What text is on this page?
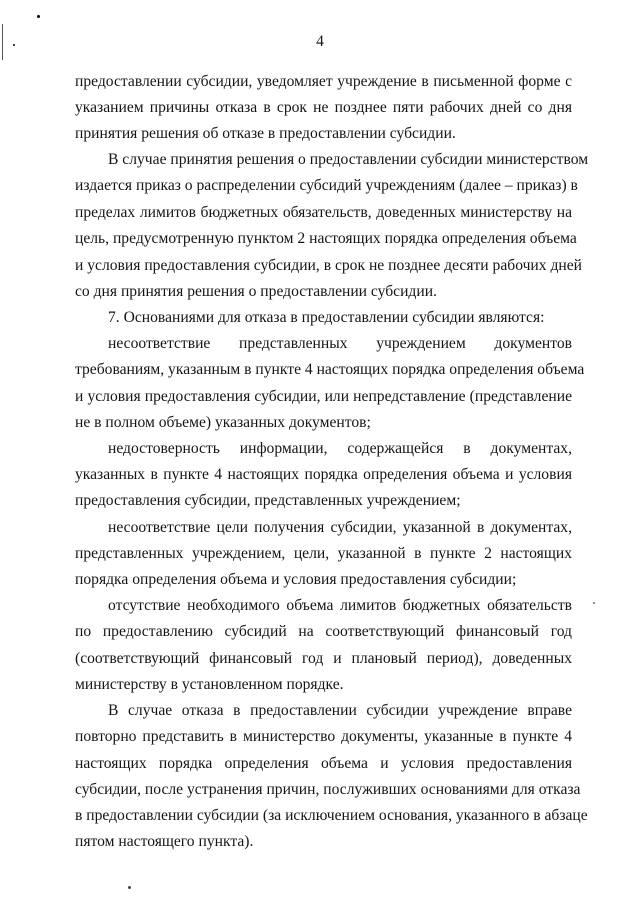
4
предоставлении субсидии, уведомляет учреждение в письменной форме с
указанием причины отказа в срок не позднее пяти рабочих дней со дня
принятия решения об отказе в предоставлении субсидии.
В случае принятия решения о предоставлении субсидии министерством
издается приказ о распределении субсидий учреждениям (далее – приказ) в
пределах лимитов бюджетных обязательств, доведенных министерству на
цель, предусмотренную пунктом 2 настоящих порядка определения объема
и условия предоставления субсидии, в срок не позднее десяти рабочих дней
со дня принятия решения о предоставлении субсидии.
7. Основаниями для отказа в предоставлении субсидии являются:
несоответствие представленных учреждением документов
требованиям, указанным в пункте 4 настоящих порядка определения объема
и условия предоставления субсидии, или непредставление (представление
не в полном объеме) указанных документов;
недостоверность информации, содержащейся в документах,
указанных в пункте 4 настоящих порядка определения объема и условия
предоставления субсидии, представленных учреждением;
несоответствие цели получения субсидии, указанной в документах,
представленных учреждением, цели, указанной в пункте 2 настоящих
порядка определения объема и условия предоставления субсидии;
отсутствие необходимого объема лимитов бюджетных обязательств
по предоставлению субсидий на соответствующий финансовый год
(соответствующий финансовый год и плановый период), доведенных
министерству в установленном порядке.
В случае отказа в предоставлении субсидии учреждение вправе
повторно представить в министерство документы, указанные в пункте 4
настоящих порядка определения объема и условия предоставления
субсидии, после устранения причин, послуживших основаниями для отказа
в предоставлении субсидии (за исключением основания, указанного в абзаце
пятом настоящего пункта).
